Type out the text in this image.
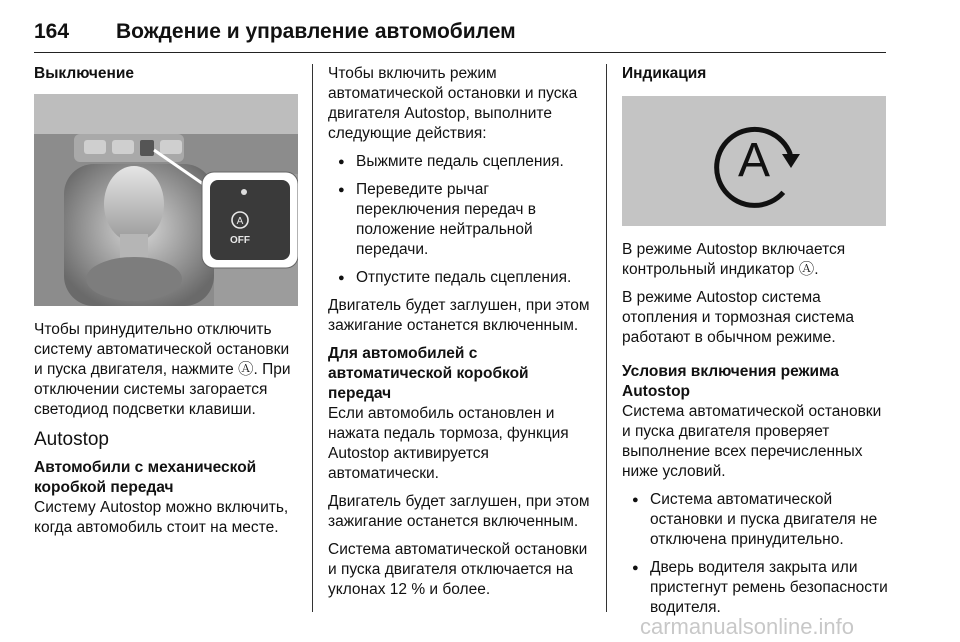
164 Вождение и управление автомобилем

Выключение

A
OFF

Чтобы принудительно отключить систему автоматической остановки и пуска двигателя, нажмите Ⓐ. При отключении системы загорается светодиод подсветки клавиши.

Autostop

Автомобили с механической коробкой передач

Систему Autostop можно включить, когда автомобиль стоит на месте.

Чтобы включить режим автоматической остановки и пуска двигателя Autostop, выполните следующие действия:

● Выжмите педаль сцепления.
● Переведите рычаг переключения передач в положение нейтральной передачи.
● Отпустите педаль сцепления.

Двигатель будет заглушен, при этом зажигание останется включенным.

Для автомобилей с автоматической коробкой передач

Если автомобиль остановлен и нажата педаль тормоза, функция Autostop активируется автоматически.

Двигатель будет заглушен, при этом зажигание останется включенным.

Система автоматической остановки и пуска двигателя отключается на уклонах 12 % и более.

Индикация

A

В режиме Autostop включается контрольный индикатор Ⓐ.

В режиме Autostop система отопления и тормозная система работают в обычном режиме.

Условия включения режима Autostop

Система автоматической остановки и пуска двигателя проверяет выполнение всех перечисленных ниже условий.

● Система автоматической остановки и пуска двигателя не отключена принудительно.
● Дверь водителя закрыта или пристегнут ремень безопасности водителя.
carmanualsonline.info
